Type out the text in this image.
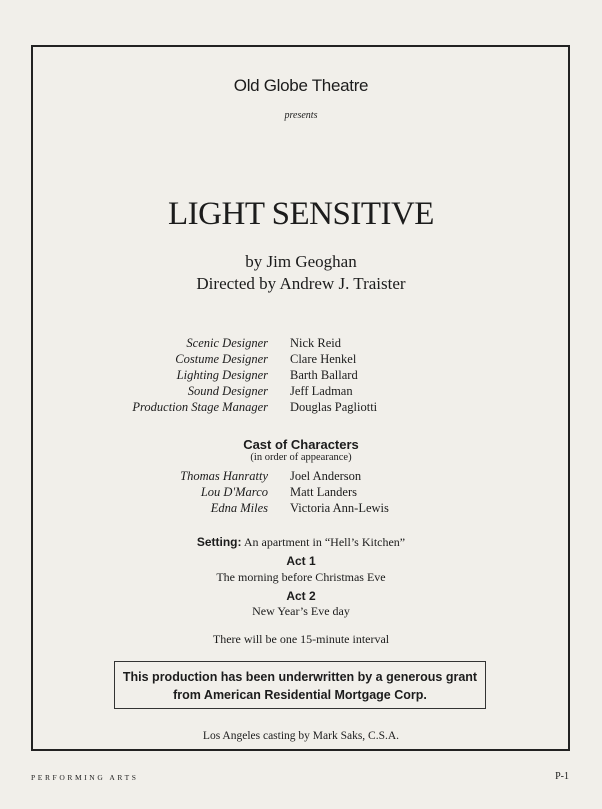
Old Globe Theatre
presents
LIGHT SENSITIVE
by Jim Geoghan
Directed by Andrew J. Traister
Scenic Designer	Nick Reid
Costume Designer	Clare Henkel
Lighting Designer	Barth Ballard
Sound Designer	Jeff Ladman
Production Stage Manager	Douglas Pagliotti
Cast of Characters
(in order of appearance)
Thomas Hanratty	Joel Anderson
Lou D'Marco	Matt Landers
Edna Miles	Victoria Ann-Lewis
Setting: An apartment in “Hell’s Kitchen”
Act 1
The morning before Christmas Eve
Act 2
New Year’s Eve day
There will be one 15-minute interval
This production has been underwritten by a generous grant
from American Residential Mortgage Corp.
Los Angeles casting by Mark Saks, C.S.A.
PERFORMING ARTS	P-1
